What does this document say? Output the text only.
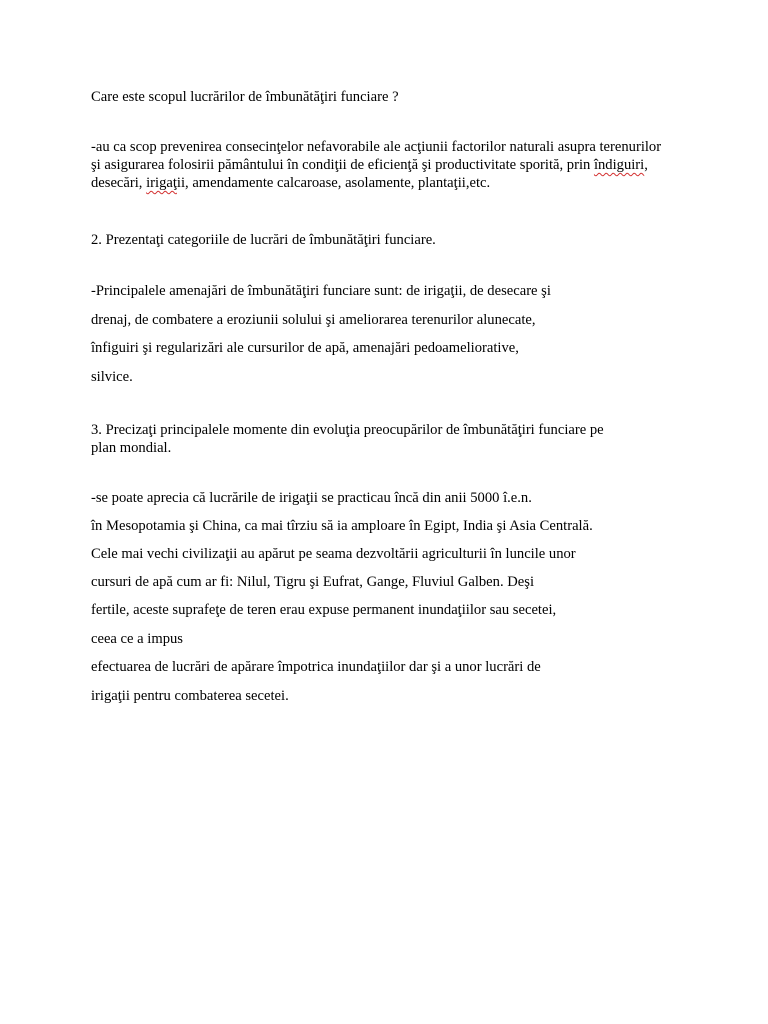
Care este scopul lucrărilor de îmbunătăţiri funciare ?
-au ca scop prevenirea consecinţelor nefavorabile ale acţiunii factorilor naturali asupra terenurilor
şi asigurarea folosirii pământului în condiţii de eficienţă şi productivitate sporită, prin îndiguiri,
desecări, irigaţii, amendamente calcaroase, asolamente, plantaţii,etc.
2. Prezentaţi categoriile de lucrări de îmbunătăţiri funciare.
-Principalele amenajări de îmbunătăţiri funciare sunt: de irigaţii, de desecare şi
drenaj, de combatere a eroziunii solului şi ameliorarea terenurilor alunecate,
înfiguiri şi regularizări ale cursurilor de apă, amenajări pedoameliorative,
silvice.
3. Precizaţi principalele momente din evoluţia preocupărilor de îmbunătăţiri funciare pe
plan mondial.
-se poate aprecia că lucrările de irigaţii se practicau încă din anii 5000 î.e.n.
în Mesopotamia şi China, ca mai tîrziu să ia amploare în Egipt, India şi Asia Centrală.
Cele mai vechi civilizaţii au apărut pe seama dezvoltării agriculturii în luncile unor
cursuri de apă cum ar fi: Nilul, Tigru şi Eufrat, Gange, Fluviul Galben. Deşi
fertile, aceste suprafeţe de teren erau expuse permanent inundaţiilor sau secetei,
ceea ce a impus
efectuarea de lucrări de apărare împotrica inundaţiilor dar şi a unor lucrări de
irigaţii pentru combaterea secetei.
